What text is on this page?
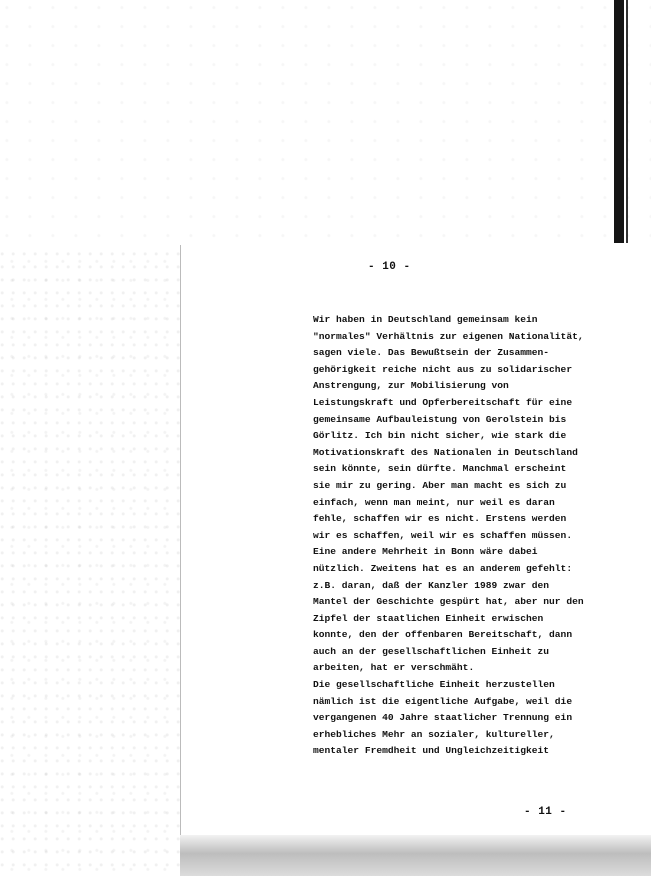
- 10 -
Wir haben in Deutschland gemeinsam kein
"normales" Verhältnis zur eigenen Nationalität,
sagen viele. Das Bewußtsein der Zusammen-
gehörigkeit reiche nicht aus zu solidarischer
Anstrengung, zur Mobilisierung von
Leistungskraft und Opferbereitschaft für eine
gemeinsame Aufbauleistung von Gerolstein bis
Görlitz. Ich bin nicht sicher, wie stark die
Motivationskraft des Nationalen in Deutschland
sein könnte, sein dürfte. Manchmal erscheint
sie mir zu gering. Aber man macht es sich zu
einfach, wenn man meint, nur weil es daran
fehle, schaffen wir es nicht. Erstens werden
wir es schaffen, weil wir es schaffen müssen.
Eine andere Mehrheit in Bonn wäre dabei
nützlich. Zweitens hat es an anderem gefehlt:
z.B. daran, daß der Kanzler 1989 zwar den
Mantel der Geschichte gespürt hat, aber nur den
Zipfel der staatlichen Einheit erwischen
konnte, den der offenbaren Bereitschaft, dann
auch an der gesellschaftlichen Einheit zu
arbeiten, hat er verschmäht.
Die gesellschaftliche Einheit herzustellen
nämlich ist die eigentliche Aufgabe, weil die
vergangenen 40 Jahre staatlicher Trennung ein
erhebliches Mehr an sozialer, kultureller,
mentaler Fremdheit und Ungleichzeitigkeit
- 11 -
